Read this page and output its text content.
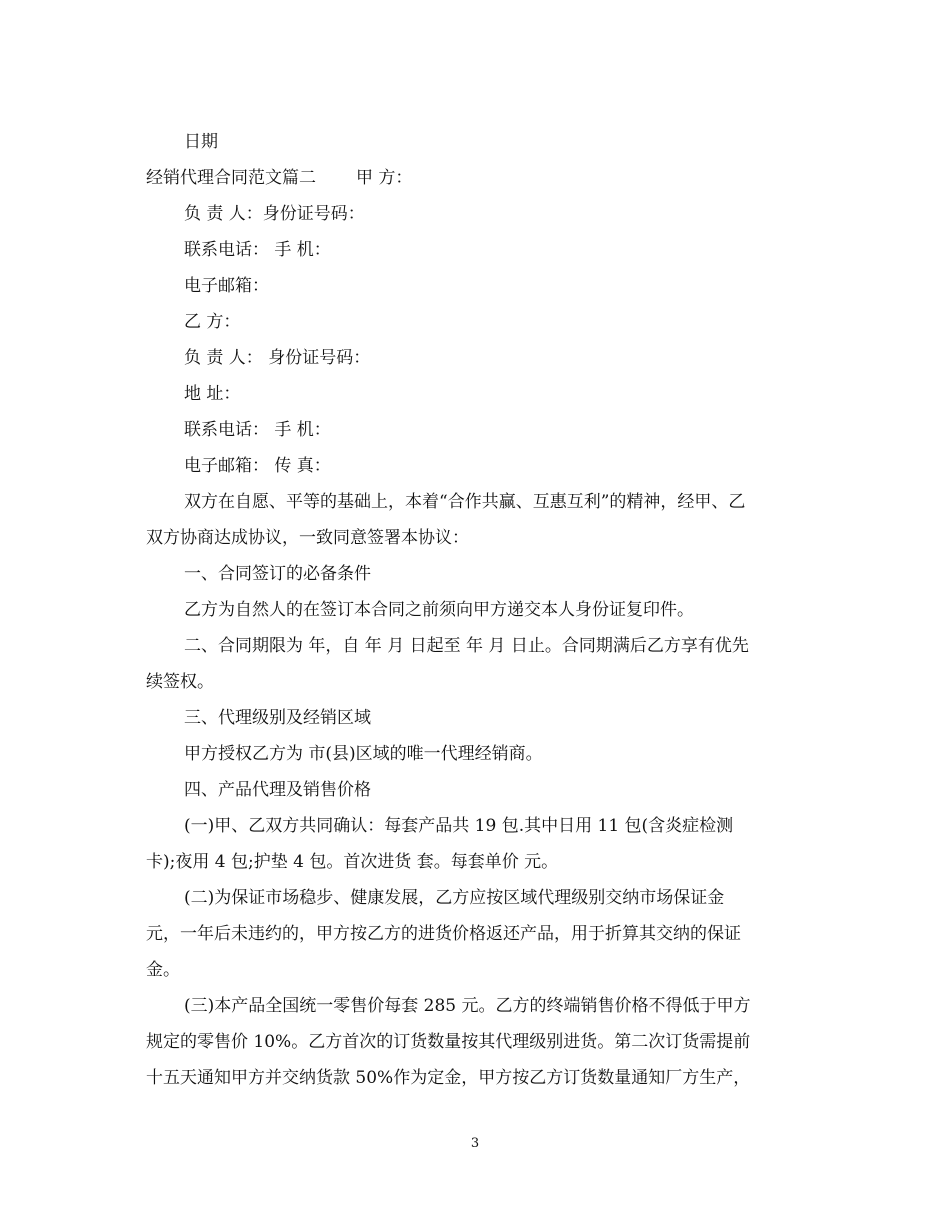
日期
经销代理合同范文篇二 甲 方：
负 责 人：身份证号码：
联系电话： 手 机：
电子邮箱：
乙 方：
负 责 人： 身份证号码：
地 址：
联系电话： 手 机：
电子邮箱： 传 真：
双方在自愿、平等的基础上，本着“合作共赢、互惠互利”的精神，经甲、乙
双方协商达成协议，一致同意签署本协议：
一、合同签订的必备条件
乙方为自然人的在签订本合同之前须向甲方递交本人身份证复印件。
二、合同期限为 年，自 年 月 日起至 年 月 日止。合同期满后乙方享有优先
续签权。
三、代理级别及经销区域
甲方授权乙方为 市(县)区域的唯一代理经销商。
四、产品代理及销售价格
(一)甲、乙双方共同确认：每套产品共 19 包.其中日用 11 包(含炎症检测
卡);夜用 4 包;护垫 4 包。首次进货 套。每套单价 元。
(二)为保证市场稳步、健康发展，乙方应按区域代理级别交纳市场保证金
元，一年后未违约的，甲方按乙方的进货价格返还产品，用于折算其交纳的保证
金。
(三)本产品全国统一零售价每套 285 元。乙方的终端销售价格不得低于甲方
规定的零售价 10%。乙方首次的订货数量按其代理级别进货。第二次订货需提前
十五天通知甲方并交纳货款 50%作为定金，甲方按乙方订货数量通知厂方生产，
3
